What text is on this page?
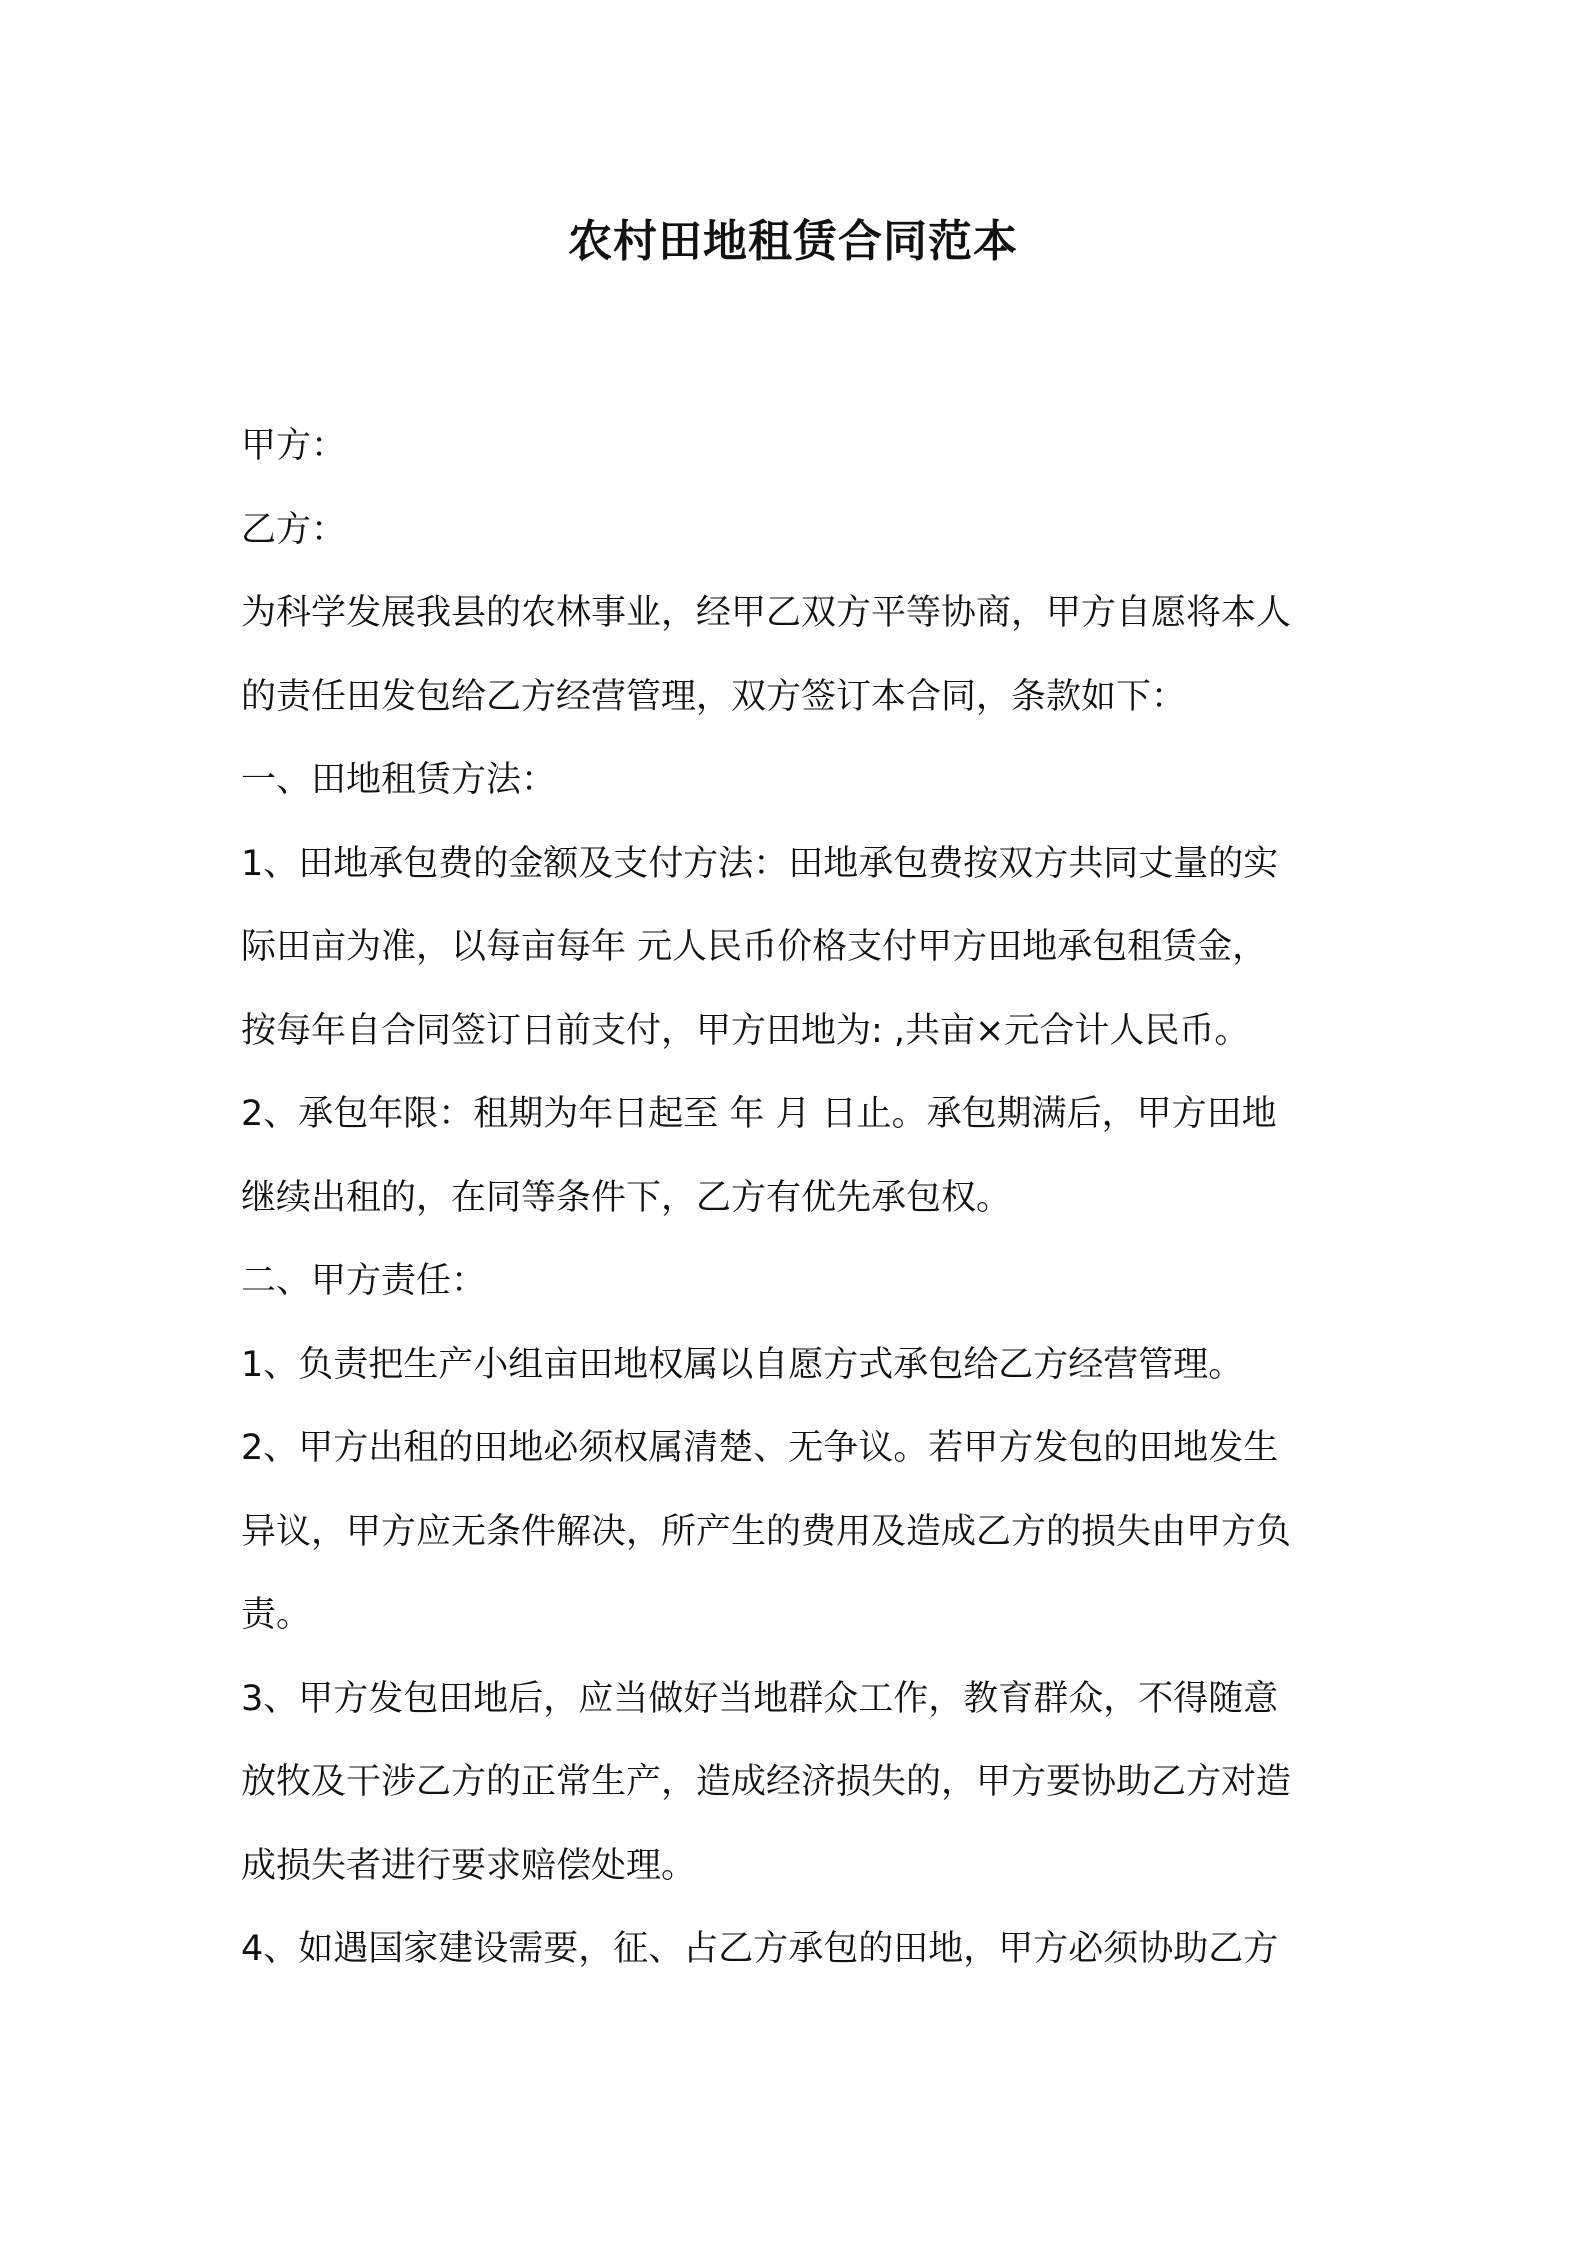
农村田地租赁合同范本
甲方：
乙方：
为科学发展我县的农林事业，经甲乙双方平等协商，甲方自愿将本人
的责任田发包给乙方经营管理，双方签订本合同，条款如下：
一、田地租赁方法：
1、田地承包费的金额及支付方法：田地承包费按双方共同丈量的实
际田亩为准，以每亩每年 元人民币价格支付甲方田地承包租赁金，
按每年自合同签订日前支付，甲方田地为: ,共亩×元合计人民币。
2、承包年限：租期为年日起至 年 月 日止。承包期满后，甲方田地
继续出租的，在同等条件下，乙方有优先承包权。
二、甲方责任：
1、负责把生产小组亩田地权属以自愿方式承包给乙方经营管理。
2、甲方出租的田地必须权属清楚、无争议。若甲方发包的田地发生
异议，甲方应无条件解决，所产生的费用及造成乙方的损失由甲方负
责。
3、甲方发包田地后，应当做好当地群众工作，教育群众，不得随意
放牧及干涉乙方的正常生产，造成经济损失的，甲方要协助乙方对造
成损失者进行要求赔偿处理。
4、如遇国家建设需要，征、占乙方承包的田地，甲方必须协助乙方
